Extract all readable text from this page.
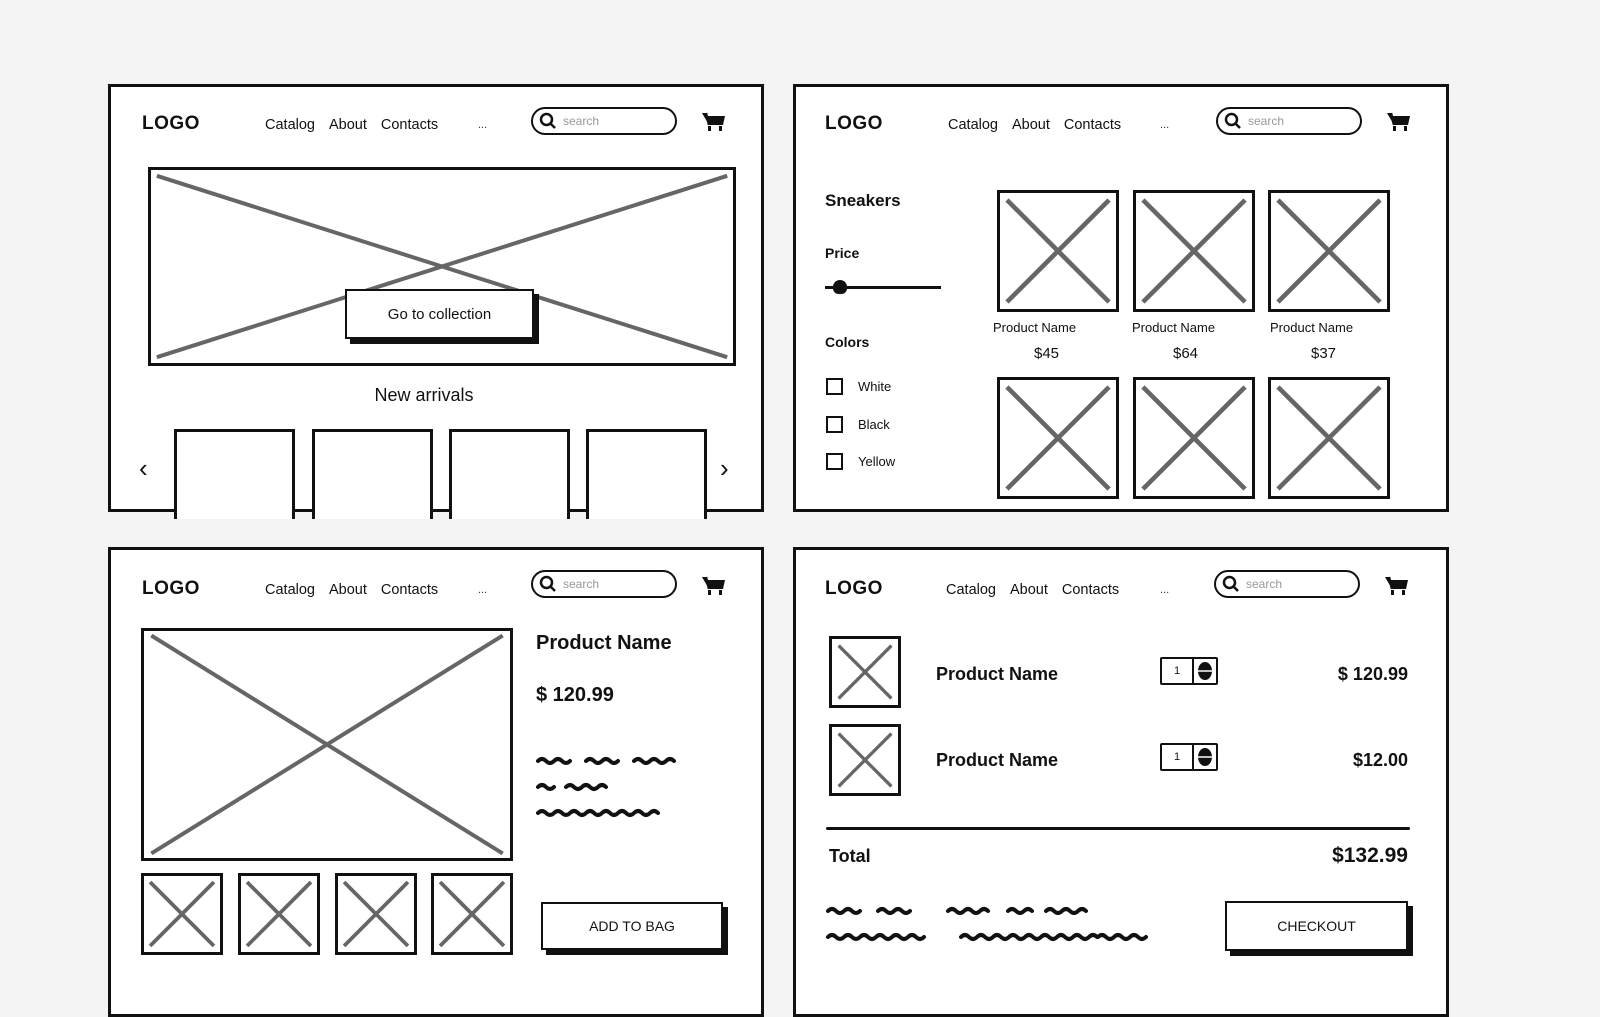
LOGO	Catalog About Contacts	...	search
Go to collection
New arrivals
‹	›
LOGO	Catalog About Contacts	...	search
Sneakers
Price
Colors
White
Black
Yellow
Product Name
$45
Product Name
$64
Product Name
$37
LOGO	Catalog About Contacts	...	search
Product Name
$ 120.99
ADD TO BAG
LOGO	Catalog About Contacts	...	search
Product Name	1	$ 120.99
Product Name	1	$12.00
Total	$132.99
CHECKOUT
